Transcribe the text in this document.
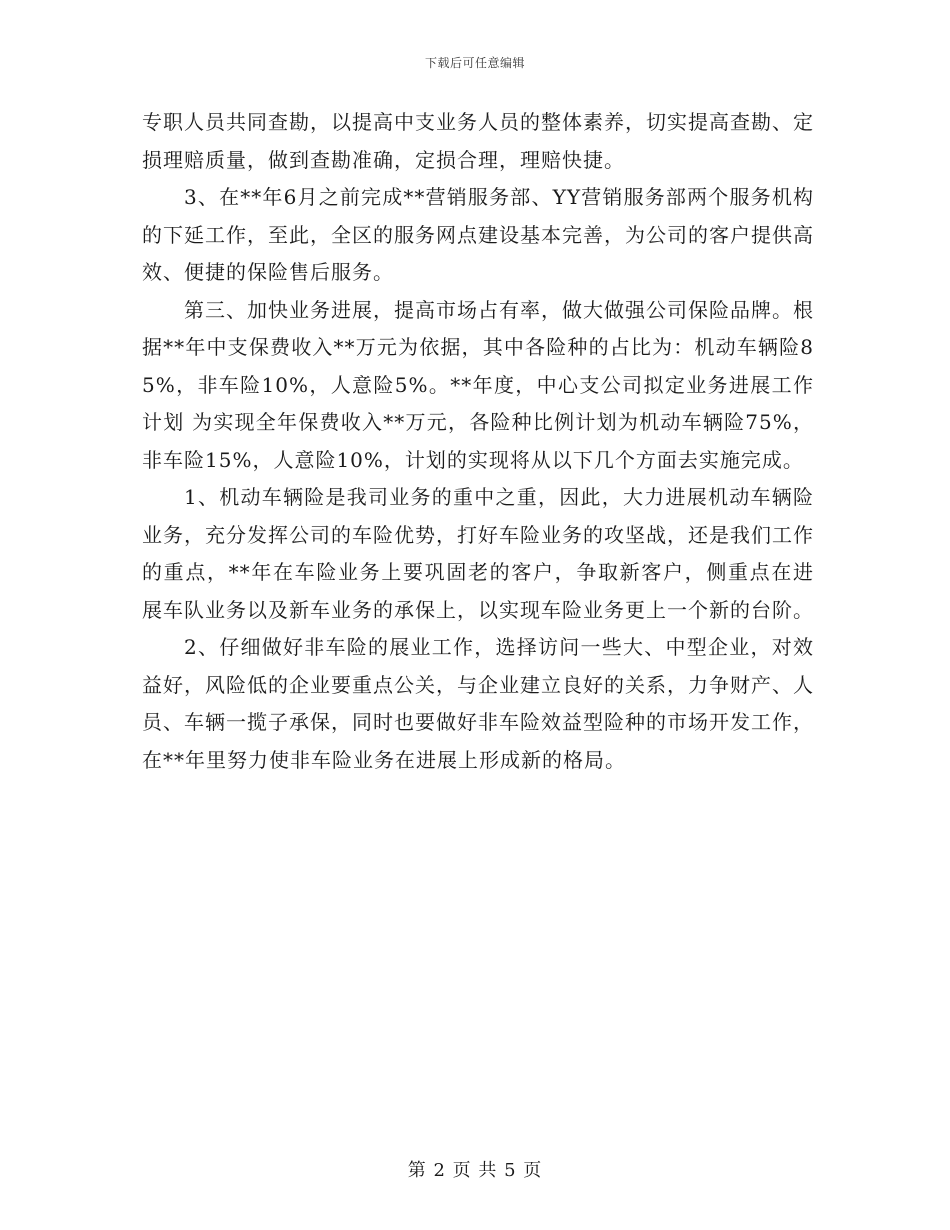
下载后可任意编辑

专职人员共同查勘，以提高中支业务人员的整体素养，切实提高查勘、定损理赔质量，做到查勘准确，定损合理，理赔快捷。

3、在**年6月之前完成**营销服务部、YY营销服务部两个服务机构的下延工作，至此，全区的服务网点建设基本完善，为公司的客户提供高效、便捷的保险售后服务。

第三、加快业务进展，提高市场占有率，做大做强公司保险品牌。根据**年中支保费收入**万元为依据，其中各险种的占比为：机动车辆险85%，非车险10%，人意险5%。**年度，中心支公司拟定业务进展工作计划 为实现全年保费收入**万元，各险种比例计划为机动车辆险75%，非车险15%，人意险10%，计划的实现将从以下几个方面去实施完成。

1、机动车辆险是我司业务的重中之重，因此，大力进展机动车辆险业务，充分发挥公司的车险优势，打好车险业务的攻坚战，还是我们工作的重点，**年在车险业务上要巩固老的客户，争取新客户，侧重点在进展车队业务以及新车业务的承保上，以实现车险业务更上一个新的台阶。

2、仔细做好非车险的展业工作，选择访问一些大、中型企业，对效益好，风险低的企业要重点公关，与企业建立良好的关系，力争财产、人员、车辆一揽子承保，同时也要做好非车险效益型险种的市场开发工作，在**年里努力使非车险业务在进展上形成新的格局。

第 2 页 共 5 页
